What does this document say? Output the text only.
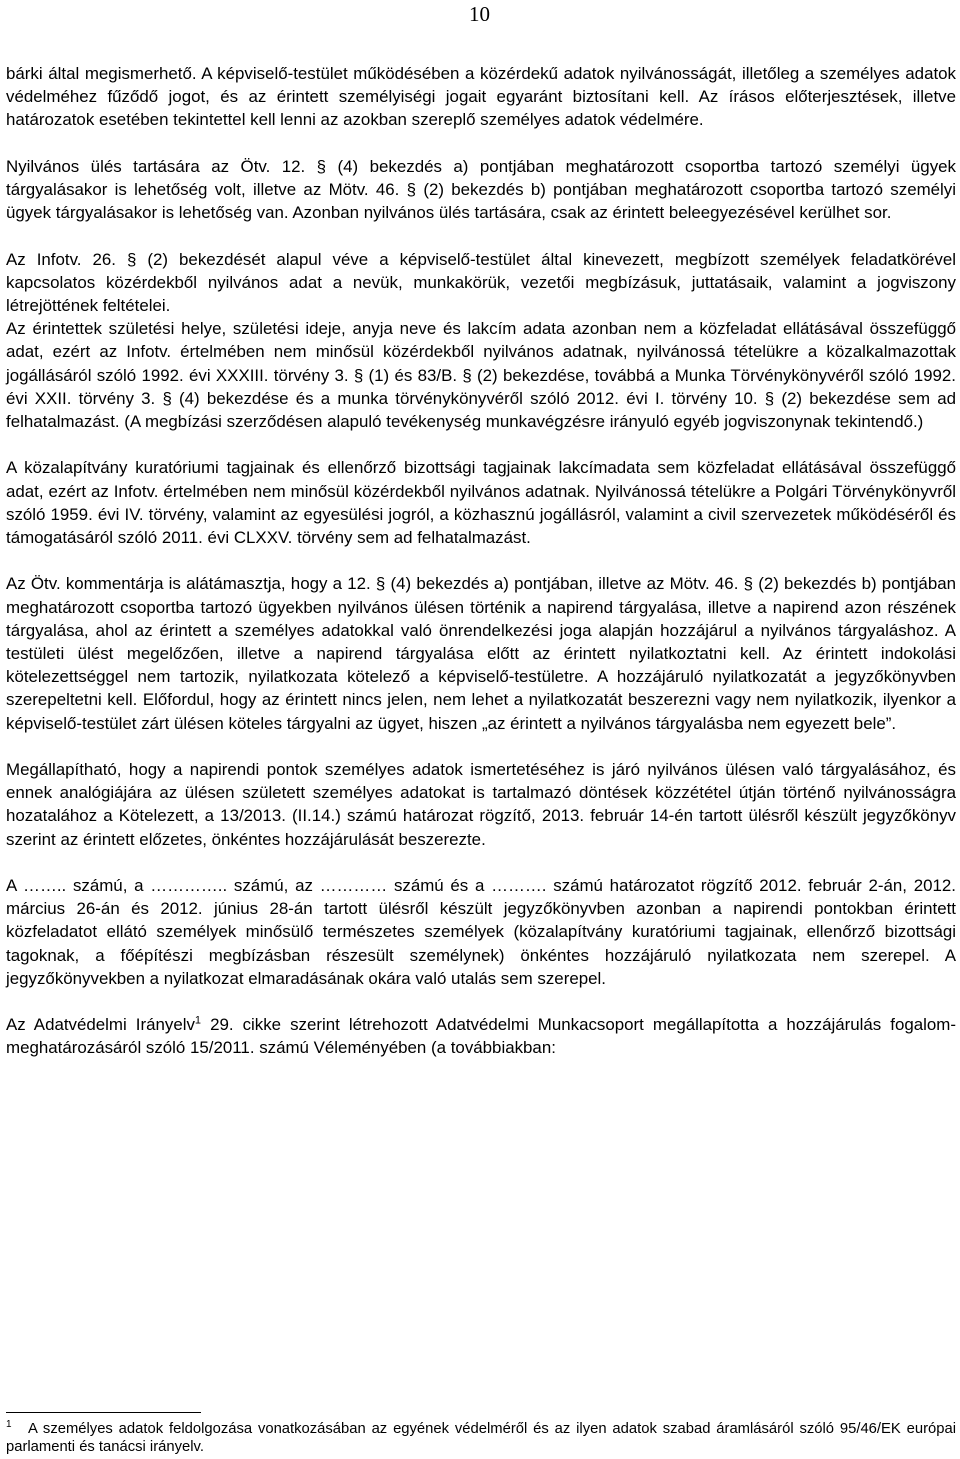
10

bárki által megismerhető. A képviselő-testület működésében a közérdekű adatok nyilvánosságát, illetőleg a személyes adatok védelméhez fűződő jogot, és az érintett személyiségi jogait egyaránt biztosítani kell. Az írásos előterjesztések, illetve határozatok esetében tekintettel kell lenni az azokban szereplő személyes adatok védelmére.

Nyilvános ülés tartására az Ötv. 12. § (4) bekezdés a) pontjában meghatározott csoportba tartozó személyi ügyek tárgyalásakor is lehetőség volt, illetve az Mötv. 46. § (2) bekezdés b) pontjában meghatározott csoportba tartozó személyi ügyek tárgyalásakor is lehetőség van. Azonban nyilvános ülés tartására, csak az érintett beleegyezésével kerülhet sor.

Az Infotv. 26. § (2) bekezdését alapul véve a képviselő-testület által kinevezett, megbízott személyek feladatkörével kapcsolatos közérdekből nyilvános adat a nevük, munkakörük, vezetői megbízásuk, juttatásaik, valamint a jogviszony létrejöttének feltételei.

Az érintettek születési helye, születési ideje, anyja neve és lakcím adata azonban nem a közfeladat ellátásával összefüggő adat, ezért az Infotv. értelmében nem minősül közérdekből nyilvános adatnak, nyilvánossá tételükre a közalkalmazottak jogállásáról szóló 1992. évi XXXIII. törvény 3. § (1) és 83/B. § (2) bekezdése, továbbá a Munka Törvénykönyvéről szóló 1992. évi XXII. törvény 3. § (4) bekezdése és a munka törvénykönyvéről szóló 2012. évi I. törvény 10. § (2) bekezdése sem ad felhatalmazást. (A megbízási szerződésen alapuló tevékenység munkavégzésre irányuló egyéb jogviszonynak tekintendő.)

A közalapítvány kuratóriumi tagjainak és ellenőrző bizottsági tagjainak lakcímadata sem közfeladat ellátásával összefüggő adat, ezért az Infotv. értelmében nem minősül közérdekből nyilvános adatnak. Nyilvánossá tételükre a Polgári Törvénykönyvről szóló 1959. évi IV. törvény, valamint az egyesülési jogról, a közhasznú jogállásról, valamint a civil szervezetek működéséről és támogatásáról szóló 2011. évi CLXXV. törvény sem ad felhatalmazást.

Az Ötv. kommentárja is alátámasztja, hogy a 12. § (4) bekezdés a) pontjában, illetve az Mötv. 46. § (2) bekezdés b) pontjában meghatározott csoportba tartozó ügyekben nyilvános ülésen történik a napirend tárgyalása, illetve a napirend azon részének tárgyalása, ahol az érintett a személyes adatokkal való önrendelkezési joga alapján hozzájárul a nyilvános tárgyaláshoz. A testületi ülést megelőzően, illetve a napirend tárgyalása előtt az érintett nyilatkoztatni kell. Az érintett indokolási kötelezettséggel nem tartozik, nyilatkozata kötelező a képviselő-testületre. A hozzájáruló nyilatkozatát a jegyzőkönyvben szerepeltetni kell. Előfordul, hogy az érintett nincs jelen, nem lehet a nyilatkozatát beszerezni vagy nem nyilatkozik, ilyenkor a képviselő-testület zárt ülésen köteles tárgyalni az ügyet, hiszen „az érintett a nyilvános tárgyalásba nem egyezett bele”.

Megállapítható, hogy a napirendi pontok személyes adatok ismertetéséhez is járó nyilvános ülésen való tárgyalásához, és ennek analógiájára az ülésen született személyes adatokat is tartalmazó döntések közzététel útján történő nyilvánosságra hozatalához a Kötelezett, a 13/2013. (II.14.) számú határozat rögzítő, 2013. február 14-én tartott ülésről készült jegyzőkönyv szerint az érintett előzetes, önkéntes hozzájárulását beszerezte.

A …….. számú, a ………….. számú, az ………… számú és a ………. számú határozatot rögzítő 2012. február 2-án, 2012. március 26-án és 2012. június 28-án tartott ülésről készült jegyzőkönyvben azonban a napirendi pontokban érintett közfeladatot ellátó személyek minősülő természetes személyek (közalapítvány kuratóriumi tagjainak, ellenőrző bizottsági tagoknak, a főépítészi megbízásban részesült személynek) önkéntes hozzájáruló nyilatkozata nem szerepel. A jegyzőkönyvekben a nyilatkozat elmaradásának okára való utalás sem szerepel.

Az Adatvédelmi Irányelv$^1$ 29. cikke szerint létrehozott Adatvédelmi Munkacsoport megállapította a hozzájárulás fogalom-meghatározásáról szóló 15/2011. számú Véleményében (a továbbiakban:

$^1$ A személyes adatok feldolgozása vonatkozásában az egyének védelméről és az ilyen adatok szabad áramlásáról szóló 95/46/EK európai parlamenti és tanácsi irányelv.
